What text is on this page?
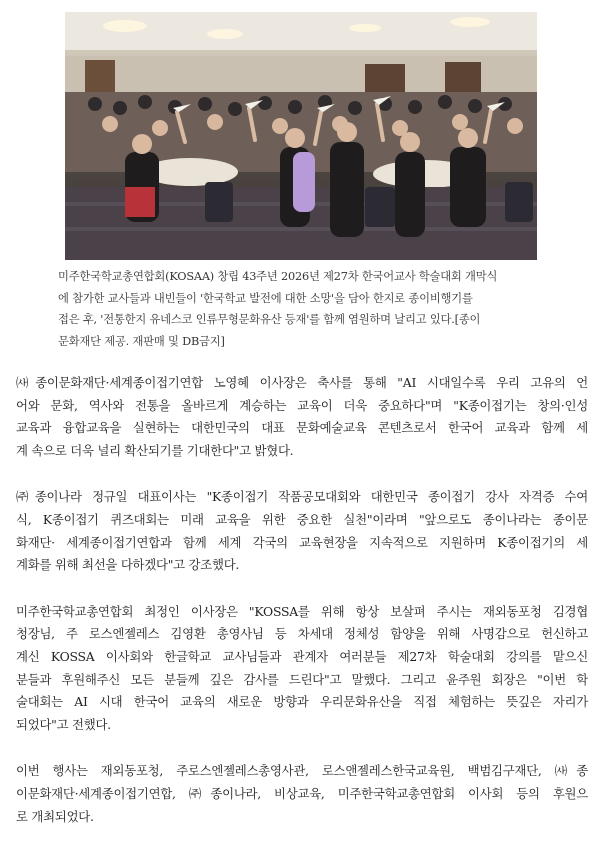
미주한국학교총연합회(KOSAA) 창립 43주년 2026년 제27차 한국어교사 학술대회 개막식
에 참가한 교사들과 내빈들이 '한국학교 발전에 대한 소망'을 담아 한지로 종이비행기를
접은 후, '전통한지 유네스코 인류무형문화유산 등재'를 함께 염원하며 날리고 있다.[종이
문화재단 제공. 재판매 및 DB금지]
㈔종이문화재단·세계종이접기연합 노영혜 이사장은 축사를 통해 "AI 시대일수록 우리 고유의 언
어와 문화, 역사와 전통을 올바르게 계승하는 교육이 더욱 중요하다"며 "K종이접기는 창의·인성
교육과 융합교육을 실현하는 대한민국의 대표 문화예술교육 콘텐츠로서 한국어 교육과 함께 세
계 속으로 더욱 널리 확산되기를 기대한다"고 밝혔다.
㈜종이나라 정규일 대표이사는 "K종이접기 작품공모대회와 대한민국 종이접기 강사 자격증 수여
식, K종이접기 퀴즈대회는 미래 교육을 위한 중요한 실천"이라며 "앞으로도 종이나라는 종이문
화재단· 세계종이접기연합과 함께 세계 각국의 교육현장을 지속적으로 지원하며 K종이접기의 세
계화를 위해 최선을 다하겠다"고 강조했다.
미주한국학교총연합회 최정인 이사장은 "KOSSA를 위해 항상 보살펴 주시는 재외동포청 김경협
청장님, 주 로스엔젤레스 김영환 총영사님 등 차세대 정체성 함양을 위해 사명감으로 헌신하고
계신 KOSSA 이사회와 한글학교 교사님들과 관계자 여러분들 제27차 학술대회 강의를 맡으신
분들과 후원해주신 모든 분들께 깊은 감사를 드린다"고 말했다. 그리고 윤주원 회장은 "이번 학
술대회는 AI 시대 한국어 교육의 새로운 방향과 우리문화유산을 직접 체험하는 뜻깊은 자리가
되었다"고 전했다.
이번 행사는 재외동포청, 주로스엔젤레스총영사관, 로스앤젤레스한국교육원, 백범김구재단, ㈔종
이문화재단·세계종이접기연합, ㈜종이나라, 비상교육, 미주한국학교총연합회 이사회 등의 후원으
로 개최되었다.
